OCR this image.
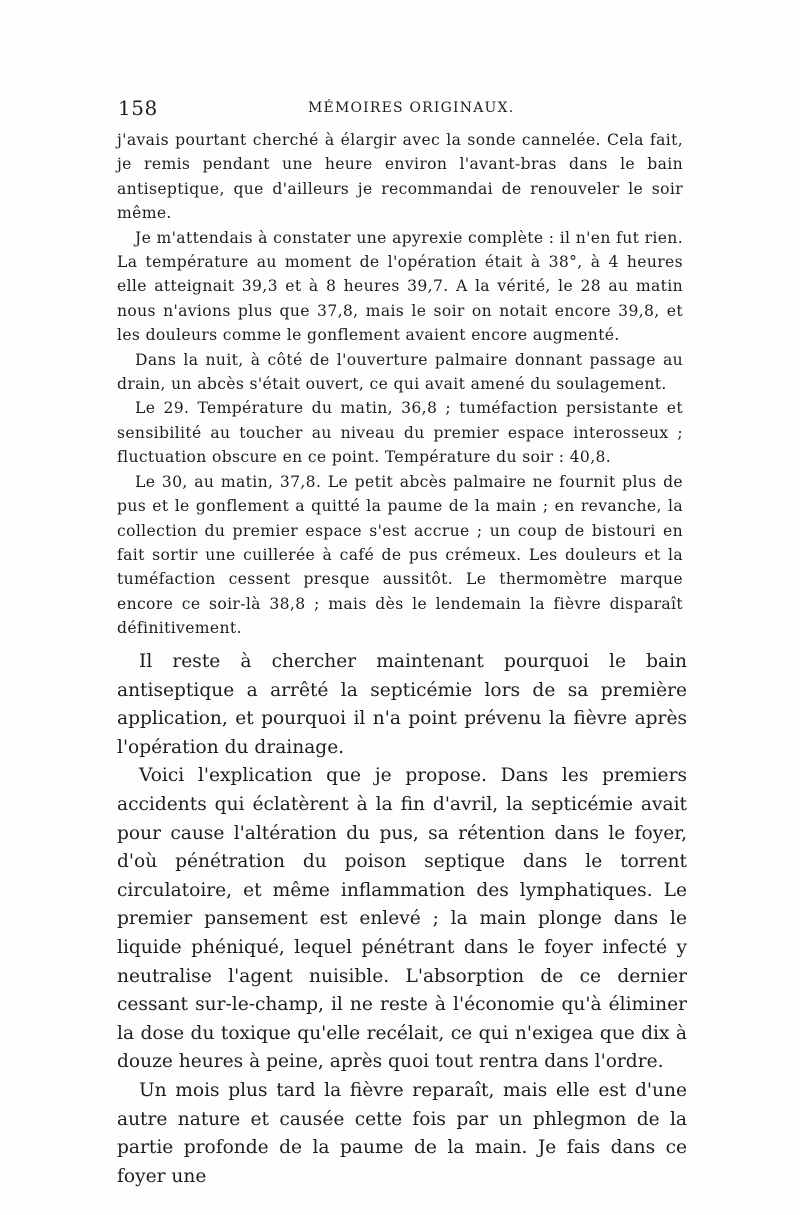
158	MÉMOIRES ORIGINAUX.

j'avais pourtant cherché à élargir avec la sonde cannelée. Cela fait, je remis pendant une heure environ l'avant-bras dans le bain antiseptique, que d'ailleurs je recommandai de renouveler le soir même.

Je m'attendais à constater une apyrexie complète : il n'en fut rien. La température au moment de l'opération était à 38°, à 4 heures elle atteignait 39,3 et à 8 heures 39,7. A la vérité, le 28 au matin nous n'avions plus que 37,8, mais le soir on notait encore 39,8, et les douleurs comme le gonflement avaient encore augmenté.

Dans la nuit, à côté de l'ouverture palmaire donnant passage au drain, un abcès s'était ouvert, ce qui avait amené du soulagement.

Le 29. Température du matin, 36,8 ; tuméfaction persistante et sensibilité au toucher au niveau du premier espace interosseux ; fluctuation obscure en ce point. Température du soir : 40,8.

Le 30, au matin, 37,8. Le petit abcès palmaire ne fournit plus de pus et le gonflement a quitté la paume de la main ; en revanche, la collection du premier espace s'est accrue ; un coup de bistouri en fait sortir une cuillerée à café de pus crémeux. Les douleurs et la tuméfaction cessent presque aussitôt. Le thermomètre marque encore ce soir-là 38,8 ; mais dès le lendemain la fièvre disparaît définitivement.

Il reste à chercher maintenant pourquoi le bain antiseptique a arrêté la septicémie lors de sa première application, et pourquoi il n'a point prévenu la fièvre après l'opération du drainage.

Voici l'explication que je propose. Dans les premiers accidents qui éclatèrent à la fin d'avril, la septicémie avait pour cause l'altération du pus, sa rétention dans le foyer, d'où pénétration du poison septique dans le torrent circulatoire, et même inflammation des lymphatiques. Le premier pansement est enlevé ; la main plonge dans le liquide phéniqué, lequel pénétrant dans le foyer infecté y neutralise l'agent nuisible. L'absorption de ce dernier cessant sur-le-champ, il ne reste à l'économie qu'à éliminer la dose du toxique qu'elle recélait, ce qui n'exigea que dix à douze heures à peine, après quoi tout rentra dans l'ordre.

Un mois plus tard la fièvre reparaît, mais elle est d'une autre nature et causée cette fois par un phlegmon de la partie profonde de la paume de la main. Je fais dans ce foyer une
